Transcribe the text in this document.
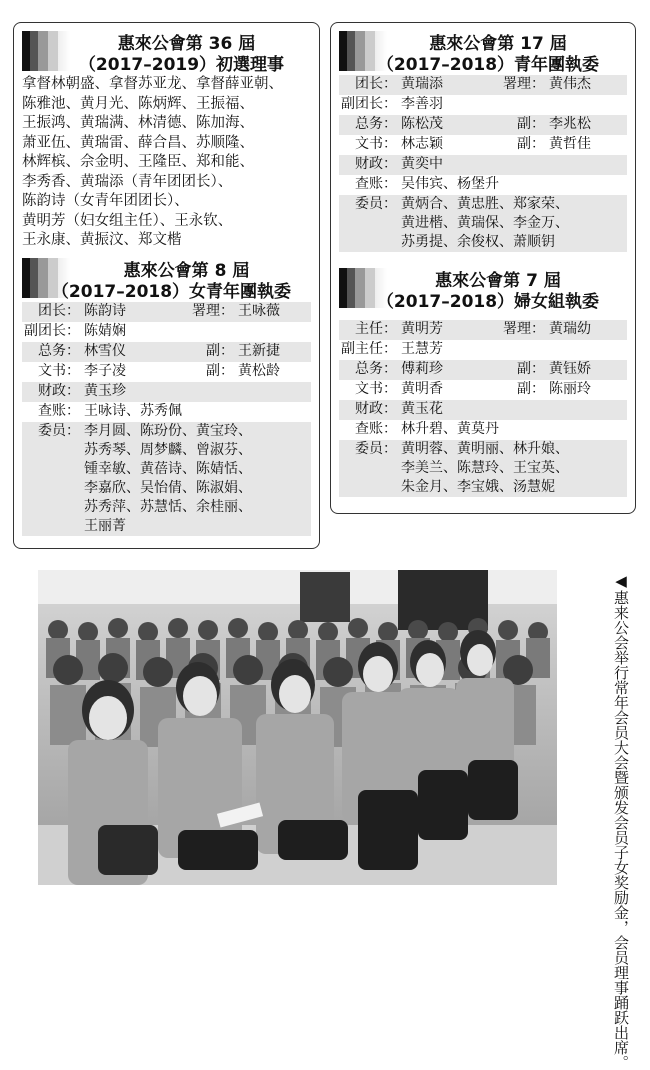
惠來公會第 36 屆
（2017–2019）初選理事
拿督林朝盛、拿督苏亚龙、拿督薛亚朝、
陈雅池、黄月光、陈炳辉、王振福、
王振鸿、黄瑞满、林清德、陈加海、
萧亚伍、黄瑞雷、薛合昌、苏顺隆、
林辉槟、佘金明、王隆臣、郑和能、
李秀香、黄瑞添（青年团团长）、
陈韵诗（女青年团团长）、
黄明芳（妇女组主任）、王永钦、
王永康、黄振汶、郑文楷
惠來公會第 8 屆
（2017–2018）女青年團執委
团长： 陈韵诗	署理： 王咏薇
副团长： 陈婧娴
总务： 林雪仪	副： 王新捷
文书： 李子凌	副： 黄松龄
财政： 黄玉珍
查账： 王咏诗、苏秀佩
委员： 李月圆、陈玢份、黄宝玲、
苏秀琴、周梦麟、曾淑芬、
锺幸敏、黄蓓诗、陈婧恬、
李嘉欣、吴怡倩、陈淑娟、
苏秀萍、苏慧恬、余桂丽、
王丽菁
惠來公會第 17 屆
（2017–2018）青年團執委
团长： 黄瑞添	署理： 黄伟杰
副团长： 李善羽
总务： 陈松茂	副： 李兆松
文书： 林志颖	副： 黄哲佳
财政： 黄奕中
查账： 吴伟宾、杨堡升
委员： 黄炳合、黄忠胜、郑家荣、
黄进楷、黄瑞保、李金万、
苏勇提、余俊权、萧顺钥
惠來公會第 7 屆
（2017–2018）婦女組執委
主任： 黄明芳	署理： 黄瑞幼
副主任： 王慧芳
总务： 傅莉珍	副： 黄钰娇
文书： 黄明香	副： 陈丽玲
财政： 黄玉花
查账： 林升碧、黄莫丹
委员： 黄明蓉、黄明丽、林升娘、
李美兰、陈慧玲、王宝英、
朱金月、李宝娥、汤慧妮
◀惠来公会举行常年会员大会暨颁发会员子女奖励金，会员理事踊跃出席。
